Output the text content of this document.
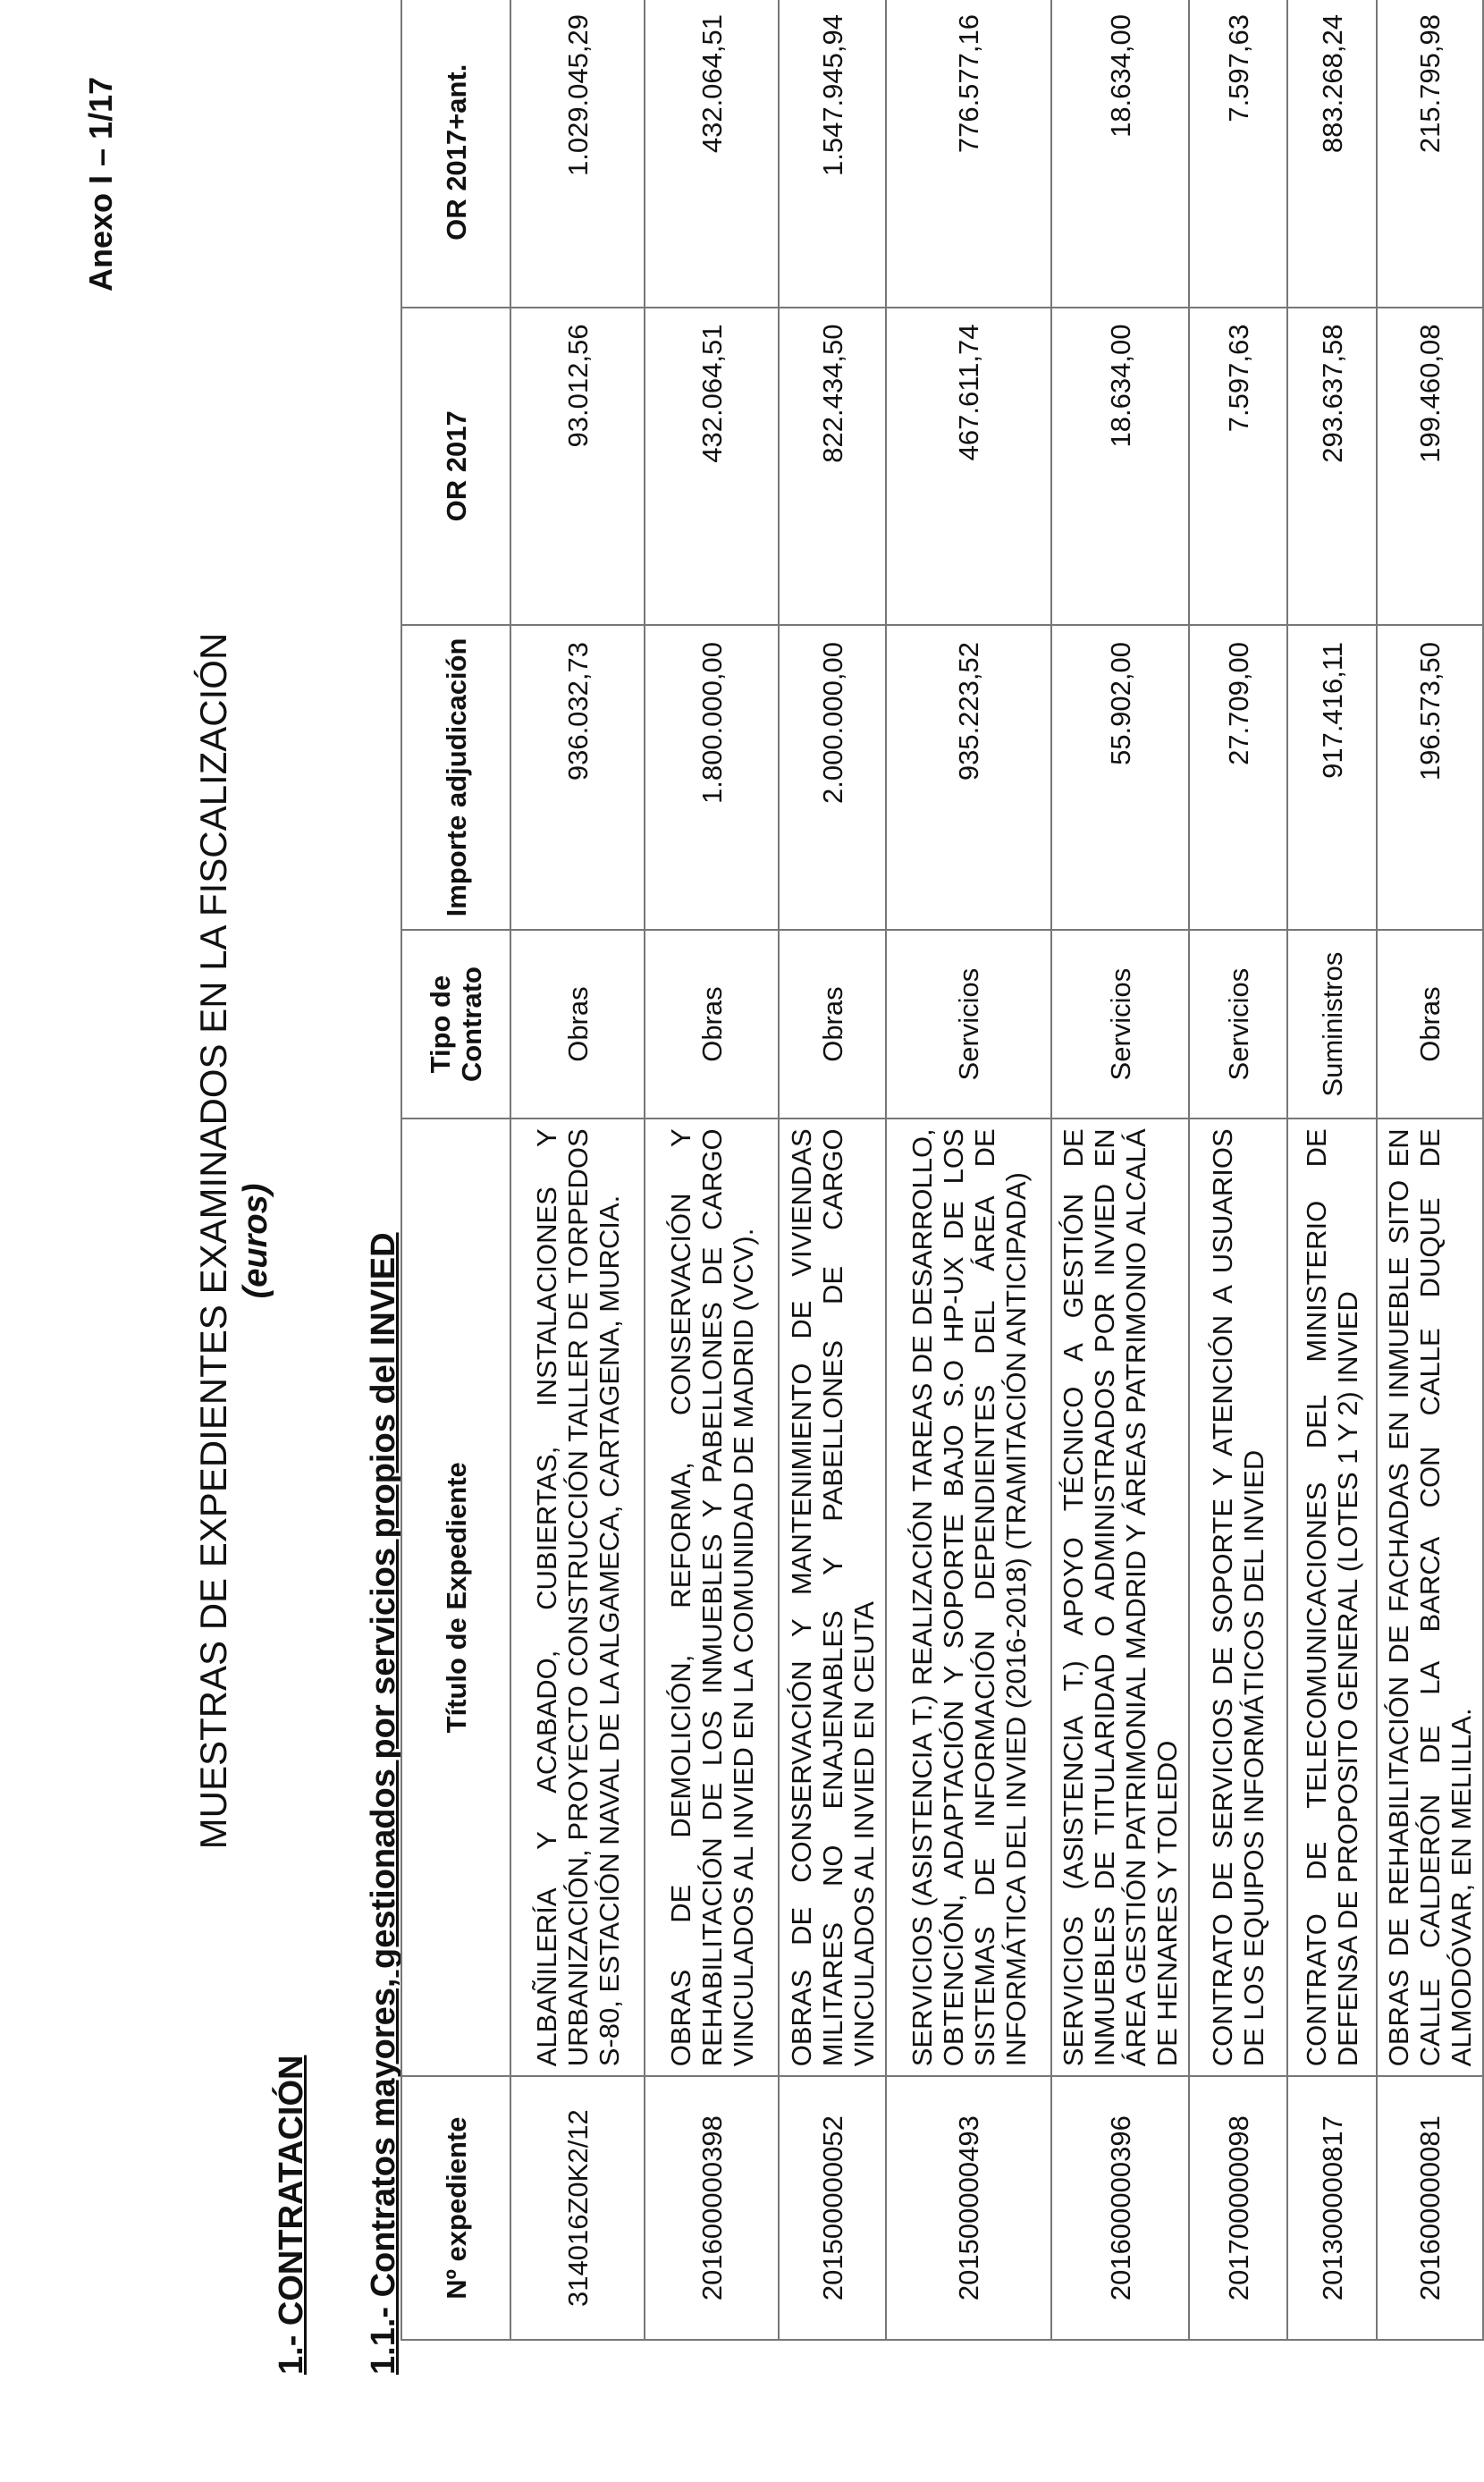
Anexo I – 1/17
MUESTRAS DE EXPEDIENTES EXAMINADOS EN LA FISCALIZACIÓN (euros)
1.- CONTRATACIÓN 1.1.- Contratos mayores, gestionados por servicios propios del INVIED Nº expediente	Título de Expediente	Tipo de Contrato	Importe adjudicación	OR 2017	OR 2017+ant.
314016Z0K2/12	ALBAÑILERÍA Y ACABADO, CUBIERTAS, INSTALACIONES Y URBANIZACIÓN, PROYECTO CONSTRUCCIÓN TALLER DE TORPEDOS S-80, ESTACIÓN NAVAL DE LA ALGAMECA, CARTAGENA, MURCIA.	Obras	936.032,73	93.012,56	1.029.045,29
201600000398	OBRAS DE DEMOLICIÓN, REFORMA, CONSERVACIÓN Y REHABILITACIÓN DE LOS INMUEBLES Y PABELLONES DE CARGO VINCULADOS AL INVIED EN LA COMUNIDAD DE MADRID (VCV).	Obras	1.800.000,00	432.064,51	432.064,51
201500000052	OBRAS DE CONSERVACIÓN Y MANTENIMIENTO DE VIVIENDAS MILITARES NO ENAJENABLES Y PABELLONES DE CARGO VINCULADOS AL INVIED EN CEUTA	Obras	2.000.000,00	822.434,50	1.547.945,94
201500000493	SERVICIOS (ASISTENCIA T.) REALIZACIÓN TAREAS DE DESARROLLO, OBTENCIÓN, ADAPTACIÓN Y SOPORTE BAJO S.O HP-UX DE LOS SISTEMAS DE INFORMACIÓN DEPENDIENTES DEL ÁREA DE INFORMÁTICA DEL INVIED (2016-2018) (TRAMITACIÓN ANTICIPADA)	Servicios	935.223,52	467.611,74	776.577,16
201600000396	SERVICIOS (ASISTENCIA T.) APOYO TÉCNICO A GESTIÓN DE INMUEBLES DE TITULARIDAD O ADMINISTRADOS POR INVIED EN ÁREA GESTIÓN PATRIMONIAL MADRID Y ÁREAS PATRIMONIO ALCALÁ DE HENARES Y TOLEDO	Servicios	55.902,00	18.634,00	18.634,00
201700000098	CONTRATO DE SERVICIOS DE SOPORTE Y ATENCIÓN A USUARIOS DE LOS EQUIPOS INFORMÁTICOS DEL INVIED	Servicios	27.709,00	7.597,63	7.597,63
201300000817	CONTRATO DE TELECOMUNICACIONES DEL MINISTERIO DE DEFENSA DE PROPOSITO GENERAL (LOTES 1 Y 2) INVIED	Suministros	917.416,11	293.637,58	883.268,24
201600000081	OBRAS DE REHABILITACIÓN DE FACHADAS EN INMUEBLE SITO EN CALLE CALDERÓN DE LA BARCA CON CALLE DUQUE DE ALMODÓVAR, EN MELILLA.	Obras	196.573,50	199.460,08	215.795,98
